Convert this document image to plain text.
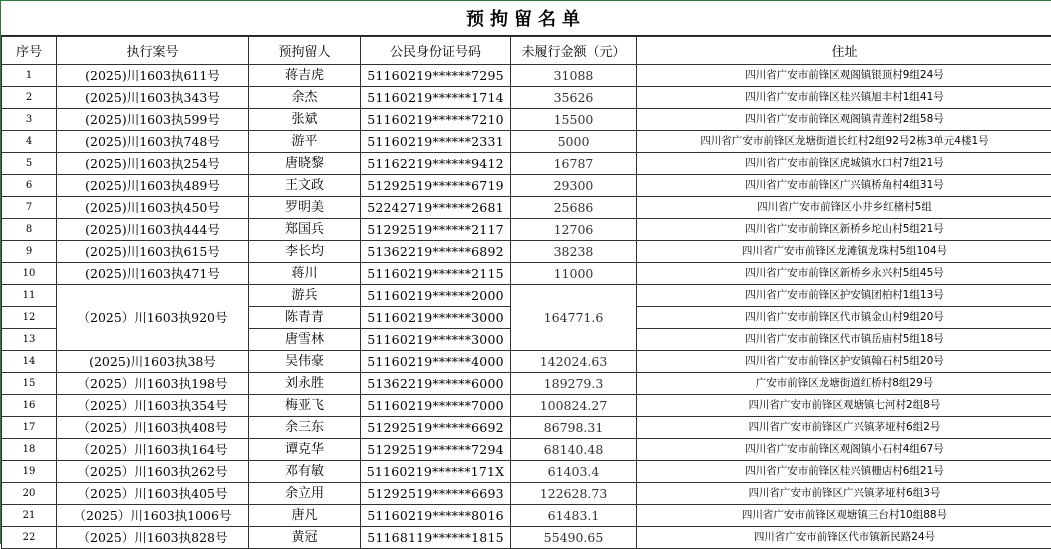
预拘留名单
序号	执行案号	预拘留人	公民身份证号码	未履行金额（元）	住址
1	(2025)川1603执611号	蒋吉虎	51160219******7295	31088	四川省广安市前锋区观阁镇银顶村9组24号
2	(2025)川1603执343号	余杰	51160219******1714	35626	四川省广安市前锋区桂兴镇旭丰村1组41号
3	(2025)川1603执599号	张斌	51160219******7210	15500	四川省广安市前锋区观阁镇青莲村2组58号
4	(2025)川1603执748号	游平	51160219******2331	5000	四川省广安市前锋区龙塘街道长红村2组92号2栋3单元4楼1号
5	(2025)川1603执254号	唐晓黎	51162219******9412	16787	四川省广安市前锋区虎城镇水口村7组21号
6	(2025)川1603执489号	王文政	51292519******6719	29300	四川省广安市前锋区广兴镇桥角村4组31号
7	(2025)川1603执450号	罗明美	52242719******2681	25686	四川省广安市前锋区小井乡红楮村5组
8	(2025)川1603执444号	郑国兵	51292519******2117	12706	四川省广安市前锋区新桥乡坨山村5组21号
9	(2025)川1603执615号	李长均	51362219******6892	38238	四川省广安市前锋区龙滩镇龙珠村5组104号
10	(2025)川1603执471号	蒋川	51160219******2115	11000	四川省广安市前锋区新桥乡永兴村5组45号
11	（2025）川1603执920号	游兵	51160219******2000	164771.6	四川省广安市前锋区护安镇团柏村1组13号
12		陈青青	51160219******3000		四川省广安市前锋区代市镇金山村9组20号
13		唐雪林	51160219******3000		四川省广安市前锋区代市镇岳庙村5组18号
14	(2025)川1603执38号	吴伟豪	51160219******4000	142024.63	四川省广安市前锋区护安镇翰石村5组20号
15	（2025）川1603执198号	刘永胜	51362219******6000	189279.3	广安市前锋区龙塘街道红桥村8组29号
16	（2025）川1603执354号	梅亚飞	51160219******7000	100824.27	四川省广安市前锋区观塘镇七河村2组8号
17	（2025）川1603执408号	余三东	51292519******6692	86798.31	四川省广安市前锋区广兴镇茅垭村6组2号
18	（2025）川1603执164号	谭克华	51292519******7294	68140.48	四川省广安市前锋区观阁镇小石村4组67号
19	（2025）川1603执262号	邓有敏	51160219******171X	61403.4	四川省广安市前锋区桂兴镇栅店村6组21号
20	（2025）川1603执405号	余立用	51292519******6693	122628.73	四川省广安市前锋区广兴镇茅垭村6组3号
21	（2025）川1603执1006号	唐凡	51160219******8016	61483.1	四川省广安市前锋区观塘镇三台村10组88号
22	（2025）川1603执828号	黄冠	51168119******1815	55490.65	四川省广安市前锋区代市镇新民路24号
